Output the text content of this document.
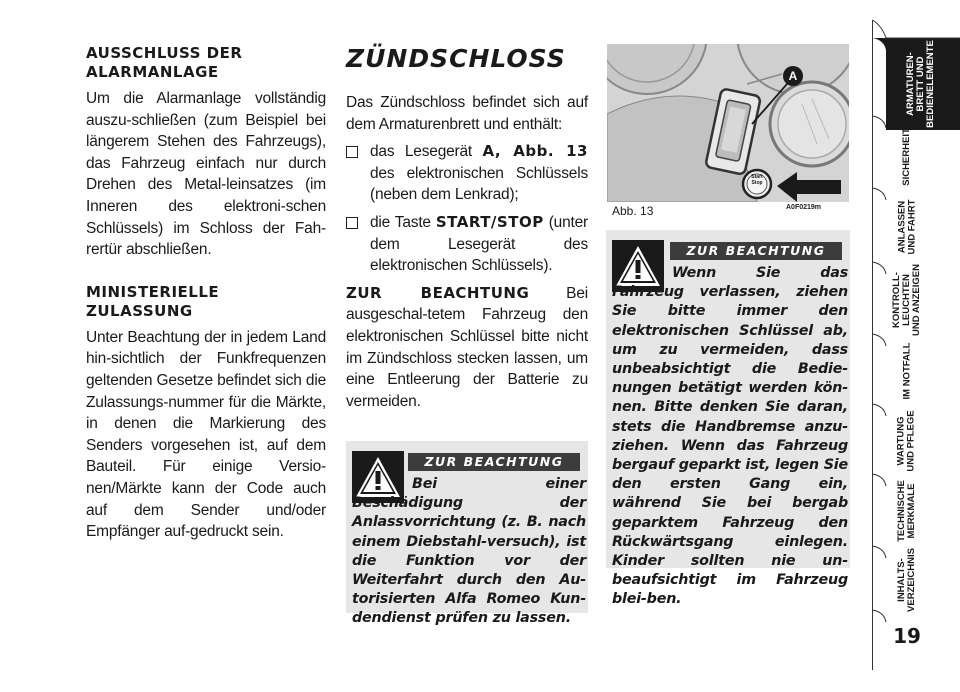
AUSSCHLUSS DER
ALARMANLAGE

Um die Alarmanlage vollständig auszu-schließen (zum Beispiel bei längerem Stehen des Fahrzeugs), das Fahrzeug einfach nur durch Drehen des Metal-leinsatzes (im Inneren des elektroni-schen Schlüssels) im Schloss der Fah-rertür abschließen.

MINISTERIELLE ZULASSUNG

Unter Beachtung der in jedem Land hin-sichtlich der Funkfrequenzen geltenden Gesetze befindet sich die Zulassungs-nummer für die Märkte, in denen die Markierung des Senders vorgesehen ist, auf dem Bauteil. Für einige Versio-nen/Märkte kann der Code auch auf dem Sender und/oder Empfänger auf-gedruckt sein.

ZÜNDSCHLOSS

Das Zündschloss befindet sich auf dem Armaturenbrett und enthält:

das Lesegerät A, Abb. 13 des elektronischen Schlüssels (neben dem Lenkrad);
die Taste START/STOP (unter dem Lesegerät des elektronischen Schlüssels).

ZUR BEACHTUNG Bei ausgeschal-tetem Fahrzeug den elektronischen Schlüssel bitte nicht im Zündschloss stecken lassen, um eine Entleerung der Batterie zu vermeiden.

ZUR BEACHTUNG
Bei einer Beschädigung der Anlassvorrichtung (z. B. nach einem Diebstahl-versuch), ist die Funktion vor der Weiterfahrt durch den Au-torisierten Alfa Romeo Kun-dendienst prüfen zu lassen.
A
Start
Stop
Abb. 13	A0F0219m
ZUR BEACHTUNG
Wenn Sie das Fahrzeug verlassen, ziehen Sie bitte immer den elektronischen Schlüssel ab, um zu vermeiden, dass unbeabsichtigt die Bedie-nungen betätigt werden kön-nen. Bitte denken Sie daran, stets die Handbremse anzu-ziehen. Wenn das Fahrzeug bergauf geparkt ist, legen Sie den ersten Gang ein, während Sie bei bergab geparktem Fahrzeug den Rückwärtsgang einlegen. Kinder sollten nie un-beaufsichtigt im Fahrzeug blei-ben.
ARMATUREN-
BRETT UND
BEDIENELEMENTE
SICHERHEIT
ANLASSEN
UND FAHRT
KONTROLL-
LEUCHTEN
UND ANZEIGEN
IM NOTFALL
WARTUNG
UND PFLEGE
TECHNISCHE
MERKMALE
INHALTS-
VERZEICHNIS
19
